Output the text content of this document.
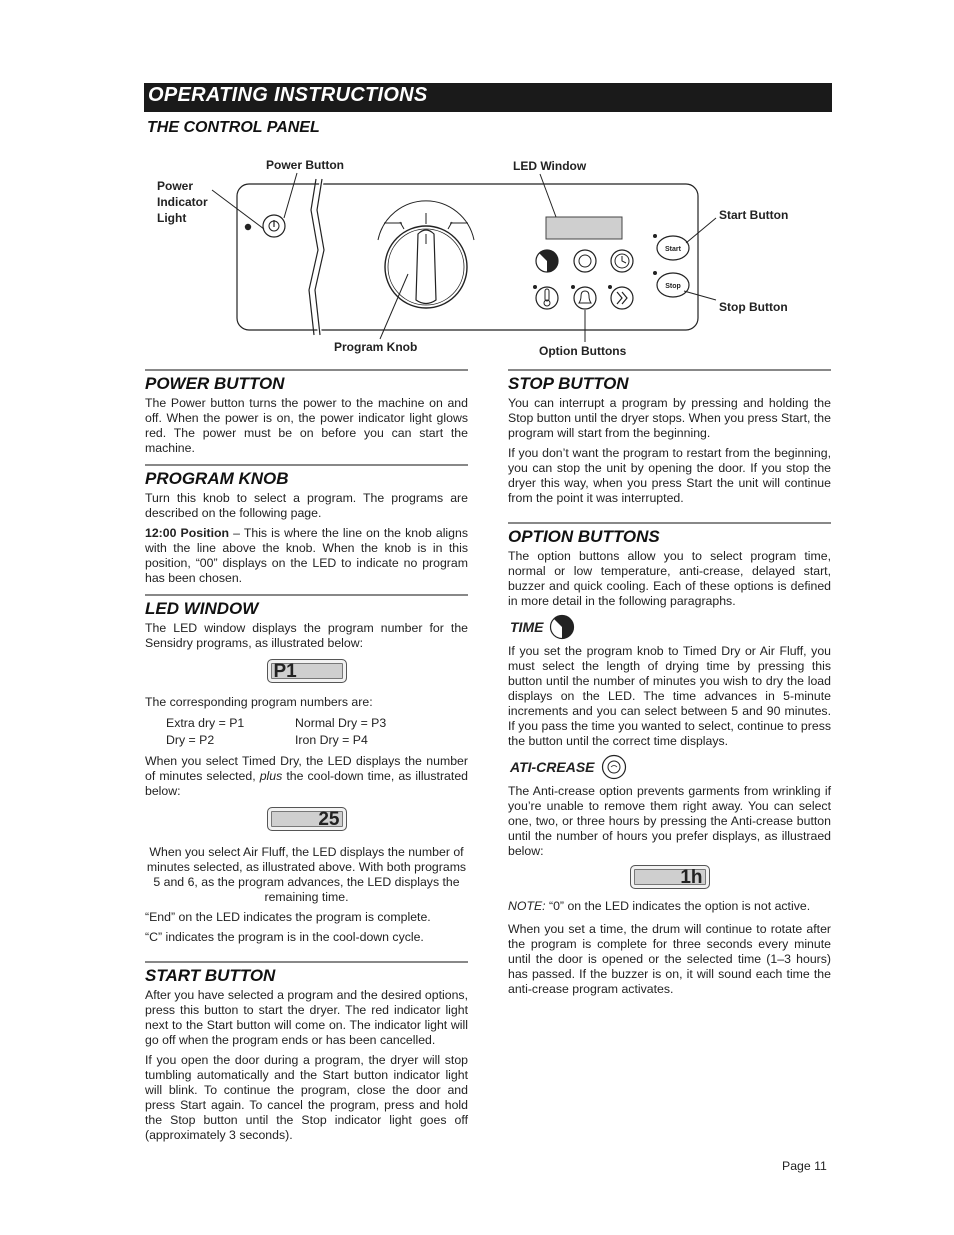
OPERATING INSTRUCTIONS
THE CONTROL PANEL
Start
Stop
Power Button
Power
Indicator
Light
LED Window
Start Button
Stop Button
Program Knob	Option Buttons
POWER BUTTON

The Power button turns the power to the machine on and off. When the power is on, the power indicator light glows red. The power must be on before you can start the machine.

PROGRAM KNOB

Turn this knob to select a program. The programs are described on the following page.

12:00 Position – This is where the line on the knob aligns with the line above the knob. When the knob is in this position, “00” displays on the LED to indicate no program has been chosen.

LED WINDOW

The LED window displays the program number for the Sensidry programs, as illustrated below:

P1

The corresponding program numbers are:

Extra dry = P1	Normal Dry = P3
Dry = P2	Iron Dry = P4

When you select Timed Dry, the LED displays the number of minutes selected, plus the cool-down time, as illustrated below:

25

When you select Air Fluff, the LED displays the number of minutes selected, as illustrated above. With both programs 5 and 6, as the program advances, the LED displays the remaining time.

“End” on the LED indicates the program is complete.

“C” indicates the program is in the cool-down cycle.

START BUTTON

After you have selected a program and the desired options, press this button to start the dryer. The red indicator light next to the Start button will come on. The indicator light will go off when the program ends or has been cancelled.

If you open the door during a program, the dryer will stop tumbling automatically and the Start button indicator light will blink. To continue the program, close the door and press Start again. To cancel the program, press and hold the Stop button until the Stop indicator light goes off (approximately 3 seconds).

STOP BUTTON

You can interrupt a program by pressing and holding the Stop button until the dryer stops. When you press Start, the program will start from the beginning.

If you don’t want the program to restart from the beginning, you can stop the unit by opening the door. If you stop the dryer this way, when you press Start the unit will continue from the point it was interrupted.

OPTION BUTTONS

The option buttons allow you to select program time, normal or low temperature, anti-crease, delayed start, buzzer and quick cooling. Each of these options is defined in more detail in the following paragraphs.

TIME

If you set the program knob to Timed Dry or Air Fluff, you must select the length of drying time by pressing this button until the number of minutes you wish to dry the load displays on the LED. The time advances in 5-minute increments and you can select between 5 and 90 minutes. If you pass the time you wanted to select, continue to press the button until the correct time displays.

ATI-CREASE

The Anti-crease option prevents garments from wrinkling if you’re unable to remove them right away. You can select one, two, or three hours by pressing the Anti-crease button until the number of hours you prefer displays, as illustraed below:

1h

NOTE: “0” on the LED indicates the option is not active.

When you set a time, the drum will continue to rotate after the program is complete for three seconds every minute until the door is opened or the selected time (1–3 hours) has passed. If the buzzer is on, it will sound each time the anti-crease program activates.

Page 11
